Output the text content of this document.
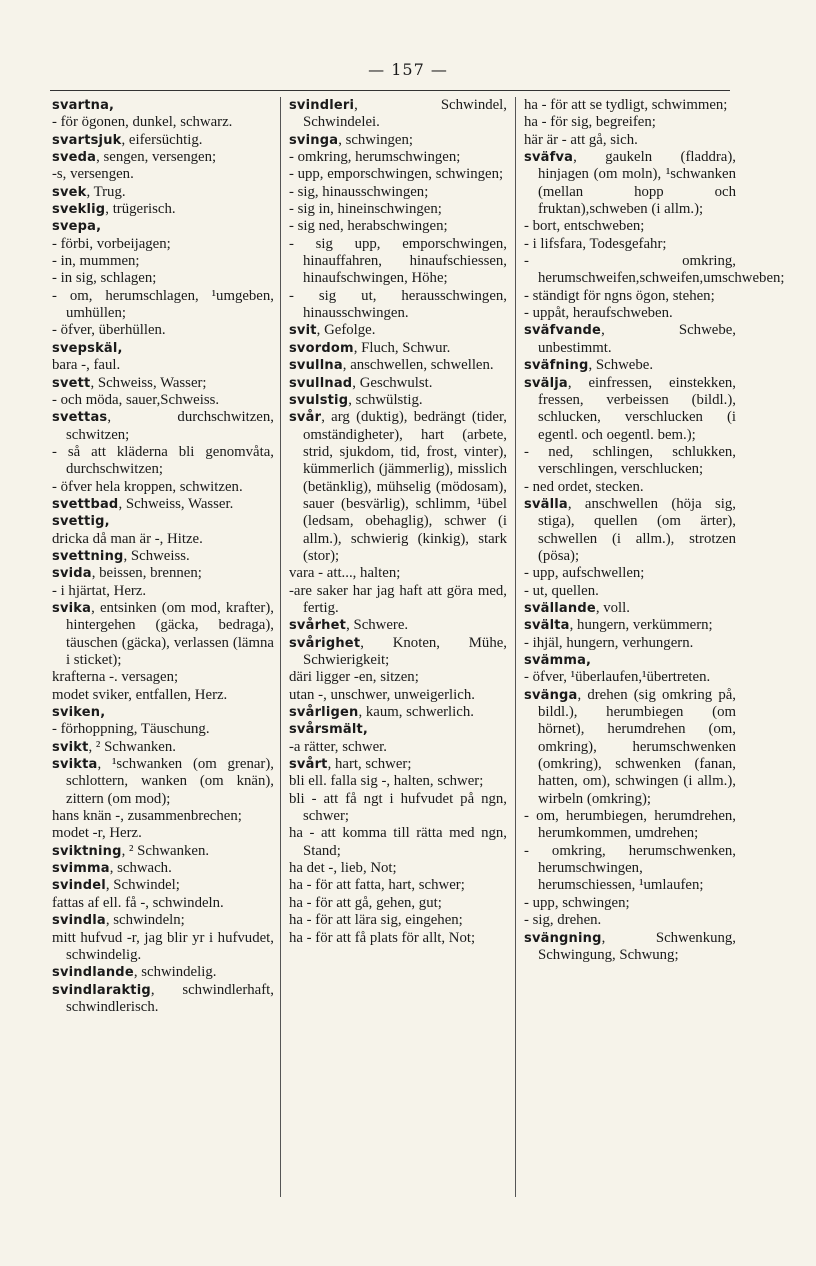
— 157 —
svartna,
- för ögonen, dunkel, schwarz.
svartsjuk, eifersüchtig.
sveda, sengen, versengen;
-s, versengen.
svek, Trug.
sveklig, trügerisch.
svepa,
- förbi, vorbeijagen;
- in, mummen;
- in sig, schlagen;
- om, herumschlagen, ¹umgeben, umhüllen;
- öfver, überhüllen.
svepskäl,
bara -, faul.
svett, Schweiss, Wasser;
- och möda, sauer,Schweiss.
svettas, durchschwitzen, schwitzen;
- så att kläderna bli genomvåta, durchschwitzen;
- öfver hela kroppen, schwitzen.
svettbad, Schweiss, Wasser.
svettig,
dricka då man är -, Hitze.
svettning, Schweiss.
svida, beissen, brennen;
- i hjärtat, Herz.
svika, entsinken (om mod, krafter), hintergehen (gäcka, bedraga), täuschen (gäcka), verlassen (lämna i sticket);
krafterna -. versagen;
modet sviker, entfallen, Herz.
sviken,
- förhoppning, Täuschung.
svikt, ² Schwanken.
svikta, ¹schwanken (om grenar), schlottern, wanken (om knän), zittern (om mod);
hans knän -, zusammenbrechen;
modet -r, Herz.
sviktning, ² Schwanken.
svimma, schwach.
svindel, Schwindel;
fattas af ell. få -, schwindeln.
svindla, schwindeln;
mitt hufvud -r, jag blir yr i hufvudet, schwindelig.
svindlande, schwindelig.
svindlaraktig, schwindlerhaft, schwindlerisch.
svindleri, Schwindel, Schwindelei.
svinga, schwingen;
- omkring, herumschwingen;
- upp, emporschwingen, schwingen;
- sig, hinausschwingen;
- sig in, hineinschwingen;
- sig ned, herabschwingen;
- sig upp, emporschwingen, hinauffahren, hinaufschiessen, hinaufschwingen, Höhe;
- sig ut, herausschwingen, hinausschwingen.
svit, Gefolge.
svordom, Fluch, Schwur.
svullna, anschwellen, schwellen.
svullnad, Geschwulst.
svulstig, schwülstig.
svår, arg (duktig), bedrängt (tider, omständigheter), hart (arbete, strid, sjukdom, tid, frost, vinter), kümmerlich (jämmerlig), misslich (betänklig), mühselig (mödosam), sauer (besvärlig), schlimm, ¹übel (ledsam, obehaglig), schwer (i allm.), schwierig (kinkig), stark (stor);
vara - att..., halten;
-are saker har jag haft att göra med, fertig.
svårhet, Schwere.
svårighet, Knoten, Mühe, Schwierigkeit;
däri ligger -en, sitzen;
utan -, unschwer, unweigerlich.
svårligen, kaum, schwerlich.
svårsmält,
-a rätter, schwer.
svårt, hart, schwer;
bli ell. falla sig -, halten, schwer;
bli - att få ngt i hufvudet på ngn, schwer;
ha - att komma till rätta med ngn, Stand;
ha det -, lieb, Not;
ha - för att fatta, hart, schwer;
ha - för att gå, gehen, gut;
ha - för att lära sig, eingehen;
ha - för att få plats för allt, Not;
ha - för att se tydligt, schwimmen;
ha - för sig, begreifen;
här är - att gå, sich.
sväfva, gaukeln (fladdra), hinjagen (om moln), ¹schwanken (mellan hopp och fruktan),schweben (i allm.);
- bort, entschweben;
- i lifsfara, Todesgefahr;
- omkring, herumschweifen,schweifen,umschweben;
- ständigt för ngns ögon, stehen;
- uppåt, heraufschweben.
sväfvande, Schwebe, unbestimmt.
sväfning, Schwebe.
svälja, einfressen, einstekken, fressen, verbeissen (bildl.), schlucken, verschlucken (i egentl. och oegentl. bem.);
- ned, schlingen, schlukken, verschlingen, verschlucken;
- ned ordet, stecken.
svälla, anschwellen (höja sig, stiga), quellen (om ärter), schwellen (i allm.), strotzen (pösa);
- upp, aufschwellen;
- ut, quellen.
svällande, voll.
svälta, hungern, verkümmern;
- ihjäl, hungern, verhungern.
svämma,
- öfver, ¹überlaufen,¹übertreten.
svänga, drehen (sig omkring på, bildl.), herumbiegen (om hörnet), herumdrehen (om, omkring), herumschwenken (omkring), schwenken (fanan, hatten, om), schwingen (i allm.), wirbeln (omkring);
- om, herumbiegen, herumdrehen, herumkommen, umdrehen;
- omkring, herumschwenken, herumschwingen, herumschiessen, ¹umlaufen;
- upp, schwingen;
- sig, drehen.
svängning, Schwenkung, Schwingung, Schwung;
